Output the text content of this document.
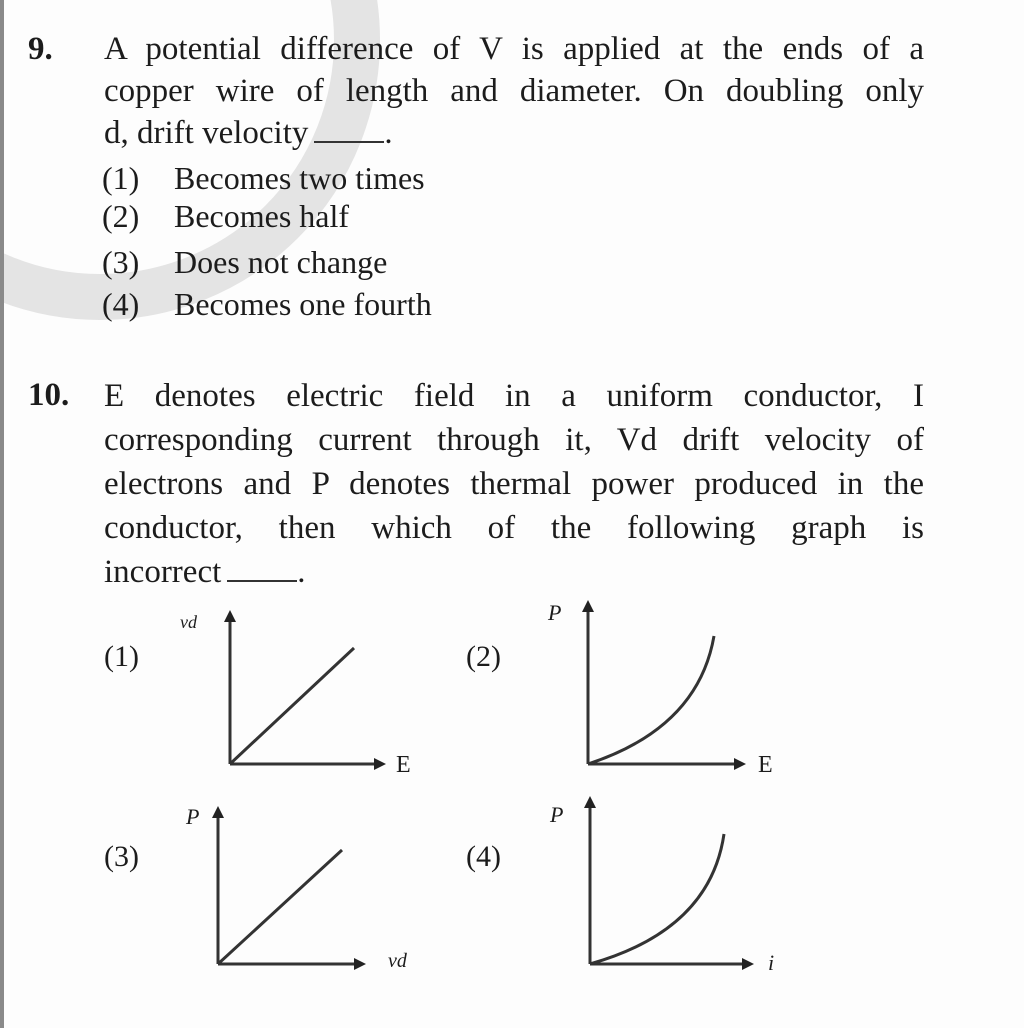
9. A potential difference of V is applied at the ends of a
copper wire of length and diameter. On doubling only
d, drift velocity .
(1) Becomes two times
(2) Becomes half
(3) Does not change
(4) Becomes one fourth
10. E denotes electric field in a uniform conductor, I
corresponding current through it, Vd drift velocity of
electrons and P denotes thermal power produced in the
conductor, then which of the following graph is
incorrect .
(1)
vd
E
(2)
P
E
(3)
P
vd
(4)
P
i
